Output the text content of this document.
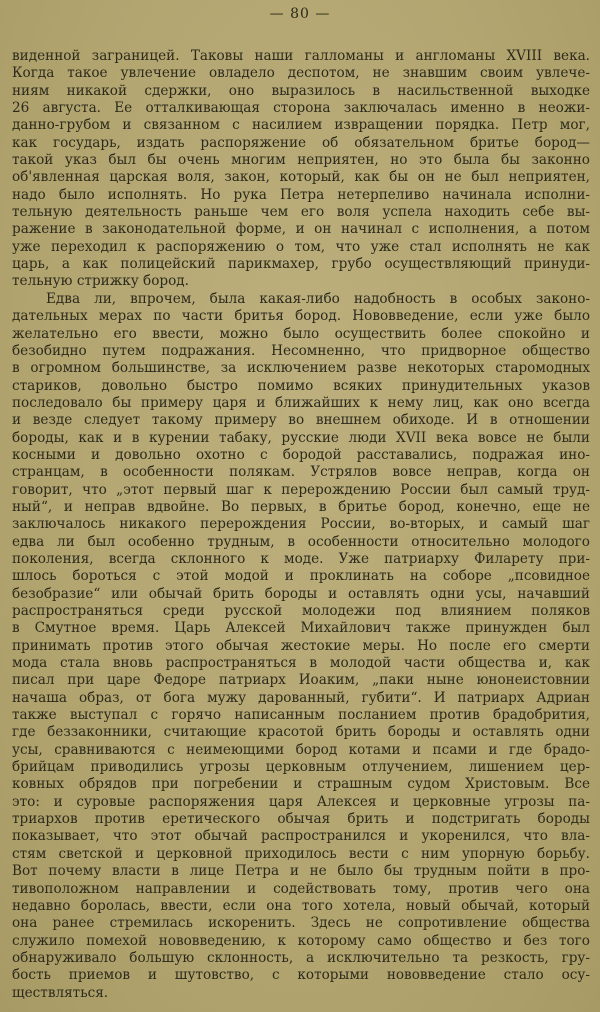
— 80 —
виденной заграницей. Таковы наши галломаны и англоманы XVIII века.
Когда такое увлечение овладело деспотом, не знавшим своим увлече-
ниям никакой сдержки, оно выразилось в насильственной выходке
26 августа. Ее отталкивающая сторона заключалась именно в неожи-
данно-грубом и связанном с насилием извращении порядка. Петр мог,
как государь, издать распоряжение об обязательном бритье бород—
такой указ был бы очень многим неприятен, но это была бы законно
об'явленная царская воля, закон, который, как бы он не был неприятен,
надо было исполнять. Но рука Петра нетерпеливо начинала исполни-
тельную деятельность раньше чем его воля успела находить себе вы-
ражение в законодательной форме, и он начинал с исполнения, а потом
уже переходил к распоряжению о том, что уже стал исполнять не как
царь, а как полицейский парикмахер, грубо осуществляющий принуди-
тельную стрижку бород.
Едва ли, впрочем, была какая-либо надобность в особых законо-
дательных мерах по части бритья бород. Нововведение, если уже было
желательно его ввести, можно было осуществить более спокойно и
безобидно путем подражания. Несомненно, что придворное общество
в огромном большинстве, за исключением разве некоторых старомодных
стариков, довольно быстро помимо всяких принудительных указов
последовало бы примеру царя и ближайших к нему лиц, как оно всегда
и везде следует такому примеру во внешнем обиходе. И в отношении
бороды, как и в курении табаку, русские люди XVII века вовсе не были
косными и довольно охотно с бородой расставались, подражая ино-
странцам, в особенности полякам. Устрялов вовсе неправ, когда он
говорит, что „этот первый шаг к перерождению России был самый труд-
ный“, и неправ вдвойне. Во первых, в бритье бород, конечно, еще не
заключалось никакого перерождения России, во-вторых, и самый шаг
едва ли был особенно трудным, в особенности относительно молодого
поколения, всегда склонного к моде. Уже патриарху Филарету при-
шлось бороться с этой модой и проклинать на соборе „псовидное
безобразие“ или обычай брить бороды и оставлять одни усы, начавший
распространяться среди русской молодежи под влиянием поляков
в Смутное время. Царь Алексей Михайлович также принужден был
принимать против этого обычая жестокие меры. Но после его смерти
мода стала вновь распространяться в молодой части общества и, как
писал при царе Федоре патриарх Иоаким, „паки ныне юнонеистовнии
начаша образ, от бога мужу дарованный, губити“. И патриарх Адриан
также выступал с горячо написанным посланием против брадобрития,
где беззаконники, считающие красотой брить бороды и оставлять одни
усы, сравниваются с неимеющими бород котами и псами и где брадо-
брийцам приводились угрозы церковным отлучением, лишением цер-
ковных обрядов при погребении и страшным судом Христовым. Все
это: и суровые распоряжения царя Алексея и церковные угрозы па-
триархов против еретического обычая брить и подстригать бороды
показывает, что этот обычай распространился и укоренился, что вла-
стям светской и церковной приходилось вести с ним упорную борьбу.
Вот почему власти в лице Петра и не было бы трудным пойти в про-
тивоположном направлении и содействовать тому, против чего она
недавно боролась, ввести, если она того хотела, новый обычай, который
она ранее стремилась искоренить. Здесь не сопротивление общества
служило помехой нововведению, к которому само общество и без того
обнаруживало большую склонность, а исключительно та резкость, гру-
бость приемов и шутовство, с которыми нововведение стало осу-
ществляться.
